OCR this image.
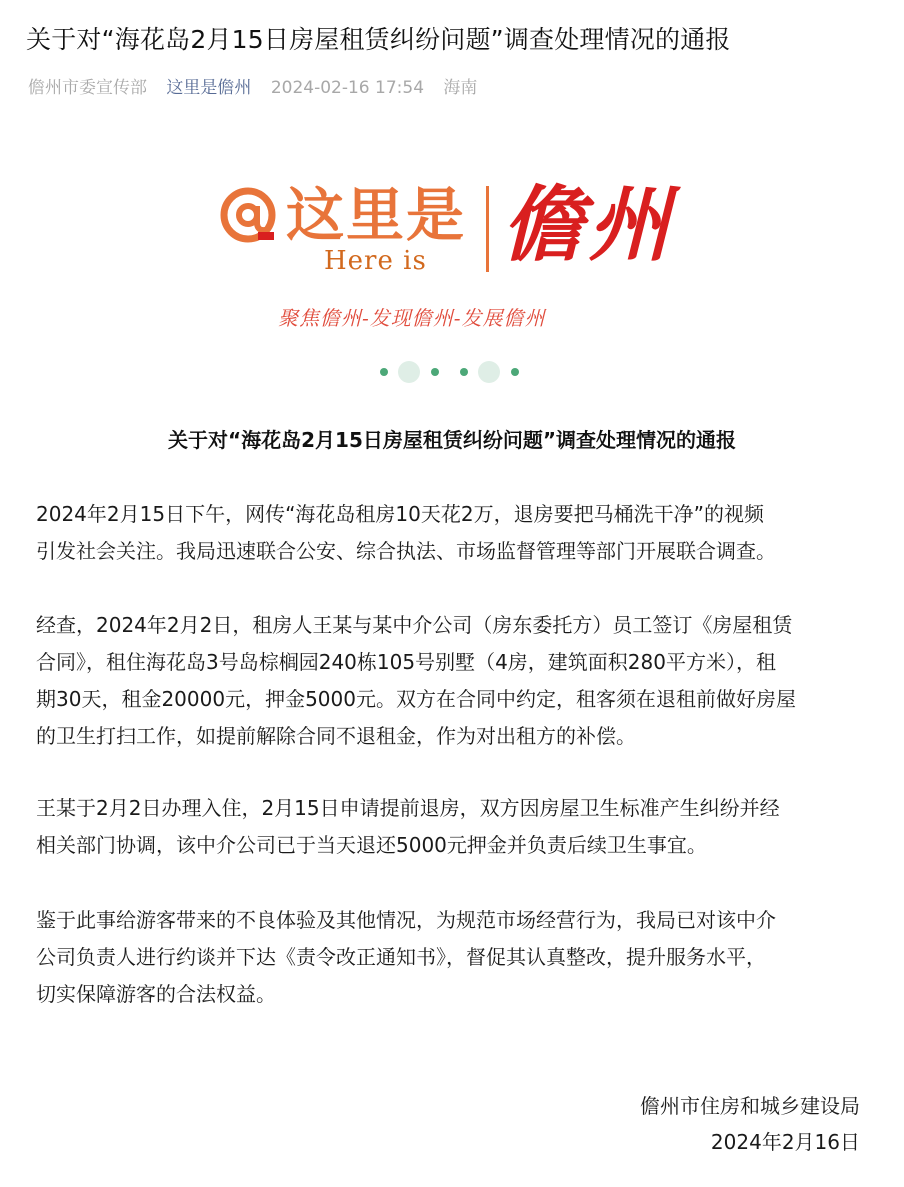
关于对“海花岛2月15日房屋租赁纠纷问题”调查处理情况的通报
儋州市委宣传部 这里是儋州 2024-02-16 17:54 海南
这里是
Here is 儋州
聚焦儋州-发现儋州-发展儋州
关于对“海花岛2月15日房屋租赁纠纷问题”调查处理情况的通报
2024年2月15日下午，网传“海花岛租房10天花2万，退房要把马桶洗干净”的视频
引发社会关注。我局迅速联合公安、综合执法、市场监督管理等部门开展联合调查。
经查，2024年2月2日，租房人王某与某中介公司（房东委托方）员工签订《房屋租赁
合同》，租住海花岛3号岛棕榈园240栋105号别墅（4房，建筑面积280平方米），租
期30天，租金20000元，押金5000元。双方在合同中约定，租客须在退租前做好房屋
的卫生打扫工作，如提前解除合同不退租金，作为对出租方的补偿。
王某于2月2日办理入住，2月15日申请提前退房，双方因房屋卫生标准产生纠纷并经
相关部门协调，该中介公司已于当天退还5000元押金并负责后续卫生事宜。
鉴于此事给游客带来的不良体验及其他情况，为规范市场经营行为，我局已对该中介
公司负责人进行约谈并下达《责令改正通知书》，督促其认真整改，提升服务水平，
切实保障游客的合法权益。
儋州市住房和城乡建设局
2024年2月16日
